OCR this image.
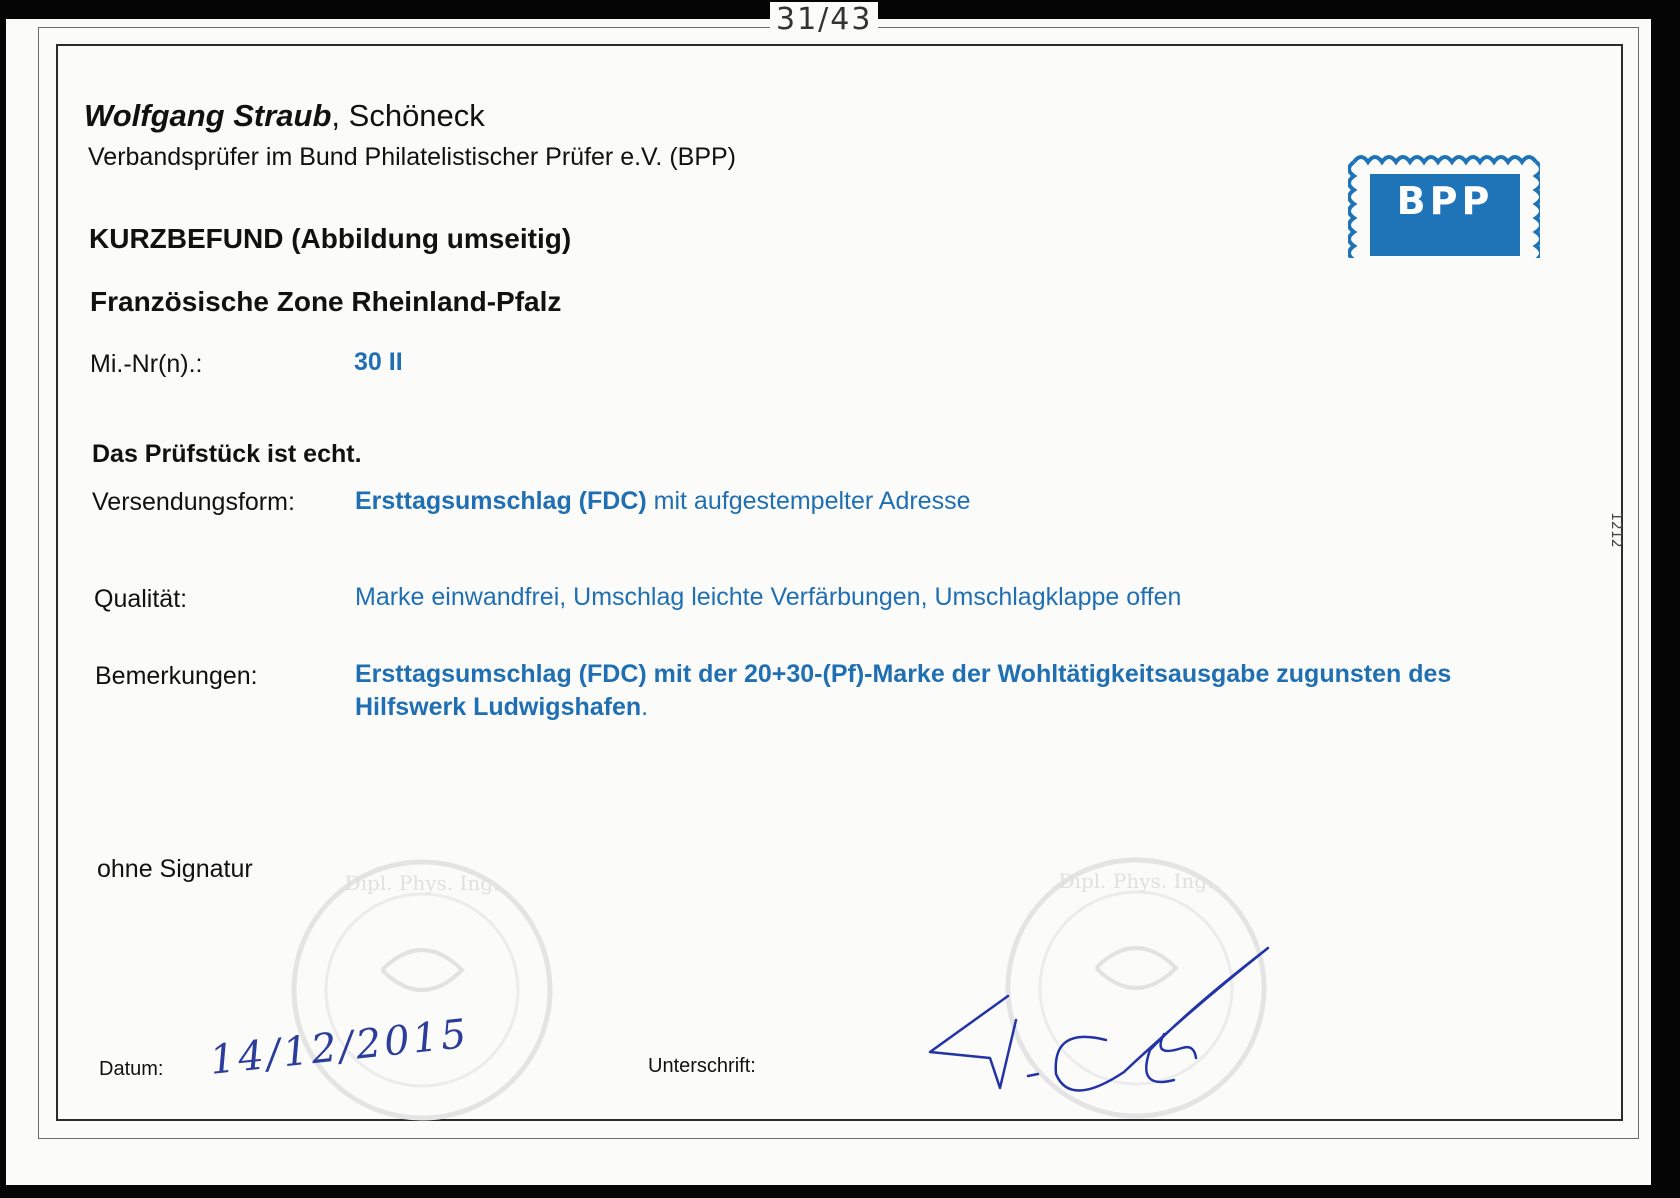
31/43
1212
Wolfgang Straub, Schöneck
Verbandsprüfer im Bund Philatelistischer Prüfer e.V. (BPP)
BPP
KURZBEFUND (Abbildung umseitig)
Französische Zone Rheinland-Pfalz
Mi.-Nr(n).:	30 II
Das Prüfstück ist echt.
Versendungsform: Ersttagsumschlag (FDC) mit aufgestempelter Adresse
Qualität:	Marke einwandfrei, Umschlag leichte Verfärbungen, Umschlagklappe offen
Bemerkungen:	Ersttagsumschlag (FDC) mit der 20+30-(Pf)-Marke der Wohltätigkeitsausgabe zugunsten des
Hilfswerk Ludwigshafen.
ohne Signatur	Dipl. Phys. Ing.	Dipl. Phys. Ing.
Datum: 14/12/2015	Unterschrift:
